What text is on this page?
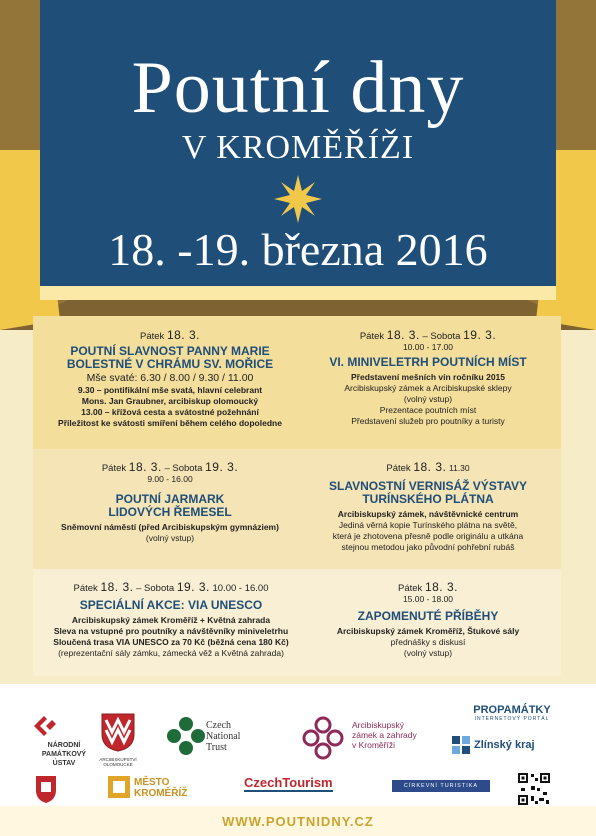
Poutní dny
V KROMĚŘÍŽI
18. -19. března 2016
Pátek 18. 3.
POUTNÍ SLAVNOST PANNY MARIE
BOLESTNÉ V CHRÁMU SV. MOŘICE
Mše svaté: 6.30 / 8.00 / 9.30 / 11.00
9.30 – pontifikální mše svatá, hlavní celebrant
Mons. Jan Graubner, arcibiskup olomoucký
13.00 – křížová cesta a svátostné požehnání
Příležitost ke svátosti smíření během celého dopoledne
Pátek 18. 3. – Sobota 19. 3.
10.00 - 17.00
VI. MINIVELETRH POUTNÍCH MÍST
Představení mešních vín ročníku 2015
Arcibiskupský zámek a Arcibiskupské sklepy
(volný vstup)
Prezentace poutních míst
Představení služeb pro poutníky a turisty
Pátek 18. 3. – Sobota 19. 3.
9.00 - 16.00
POUTNÍ JARMARK
LIDOVÝCH ŘEMESEL
Sněmovní náměstí (před Arcibiskupským gymnáziem)
(volný vstup)
Pátek 18. 3. 11.30
SLAVNOSTNÍ VERNISÁŽ VÝSTAVY
TURÍNSKÉHO PLÁTNA
Arcibiskupský zámek, návštěvnické centrum
Jediná věrná kopie Turínského plátna na světě,
která je zhotovena přesně podle originálu a utkána
stejnou metodou jako původní pohřební rubáš
Pátek 18. 3. – Sobota 19. 3. 10.00 - 16.00
SPECIÁLNÍ AKCE: VIA UNESCO
Arcibiskupský zámek Kroměříž + Květná zahrada
Sleva na vstupné pro poutníky a návštěvníky miniveletrhu
Sloučená trasa VIA UNESCO za 70 Kč (běžná cena 180 Kč)
(reprezentační sály zámku, zámecká věž a Květná zahrada)
Pátek 18. 3.
15.00 - 18.00
ZAPOMENUTÉ PŘÍBĚHY
Arcibiskupský zámek Kroměříž, Štukové sály
přednášky s diskusí
(volný vstup)
NÁRODNÍ
PAMÁTKOVÝ
ÚSTAV
ARCIBISKUPSTVÍ OLOMOUCKÉ
Czech
National
Trust
Arcibiskupský
zámek a zahrady
v Kroměříži
PROPAMÁTKY
INTERNETOVÝ PORTÁL
Zlínský kraj
MĚSTO
KROMĚŘÍŽ
CzechTourism	CÍRKEVNÍ TURISTIKA
WWW.POUTNIDNY.CZ
